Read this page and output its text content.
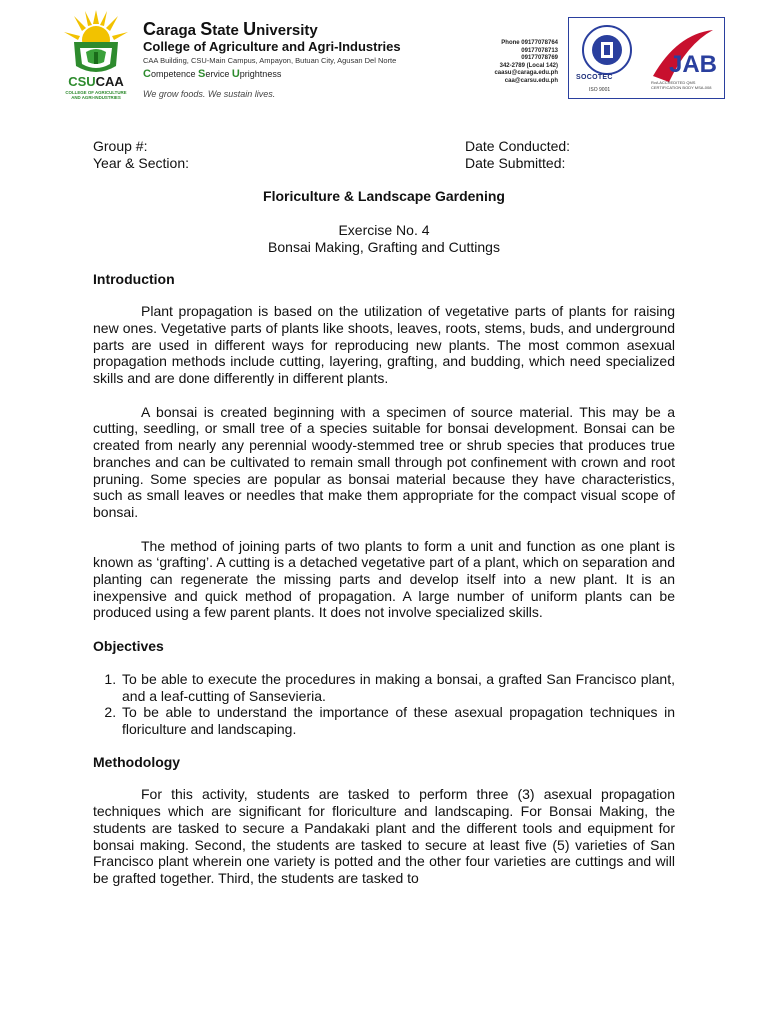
CSUCAA
COLLEGE OF AGRICULTURE
AND AGRI-INDUSTRIES
Caraga State University
College of Agriculture and Agri-Industries
CAA Building, CSU-Main Campus, Ampayon, Butuan City, Agusan Del Norte
Competence Service Uprightness
We grow foods. We sustain lives.
Phone 09177078764
09177078713
09177078769
342-2789 (Local 142)
caasu@caraga.edu.ph
caa@carsu.edu.ph	SOCOTEC
ISO 9001
JAB
RvA ACCREDITED QMS CERTIFICATION BODY MSA-008
Group #:	Date Conducted:
Year & Section:	Date Submitted:
Floriculture & Landscape Gardening
Exercise No. 4
Bonsai Making, Grafting and Cuttings
Introduction

Plant propagation is based on the utilization of vegetative parts of plants for raising new ones. Vegetative parts of plants like shoots, leaves, roots, stems, buds, and underground parts are used in different ways for reproducing new plants. The most common asexual propagation methods include cutting, layering, grafting, and budding, which need specialized skills and are done differently in different plants.

A bonsai is created beginning with a specimen of source material. This may be a cutting, seedling, or small tree of a species suitable for bonsai development. Bonsai can be created from nearly any perennial woody-stemmed tree or shrub species that produces true branches and can be cultivated to remain small through pot confinement with crown and root pruning. Some species are popular as bonsai material because they have characteristics, such as small leaves or needles that make them appropriate for the compact visual scope of bonsai.

The method of joining parts of two plants to form a unit and function as one plant is known as ‘grafting’. A cutting is a detached vegetative part of a plant, which on separation and planting can regenerate the missing parts and develop itself into a new plant. It is an inexpensive and quick method of propagation. A large number of uniform plants can be produced using a few parent plants. It does not involve specialized skills.

Objectives
1. To be able to execute the procedures in making a bonsai, a grafted San Francisco plant, and a leaf-cutting of Sansevieria.
2. To be able to understand the importance of these asexual propagation techniques in floriculture and landscaping.
Methodology

For this activity, students are tasked to perform three (3) asexual propagation techniques which are significant for floriculture and landscaping. For Bonsai Making, the students are tasked to secure a Pandakaki plant and the different tools and equipment for bonsai making. Second, the students are tasked to secure at least five (5) varieties of San Francisco plant wherein one variety is potted and the other four varieties are cuttings and will be grafted together. Third, the students are tasked to
